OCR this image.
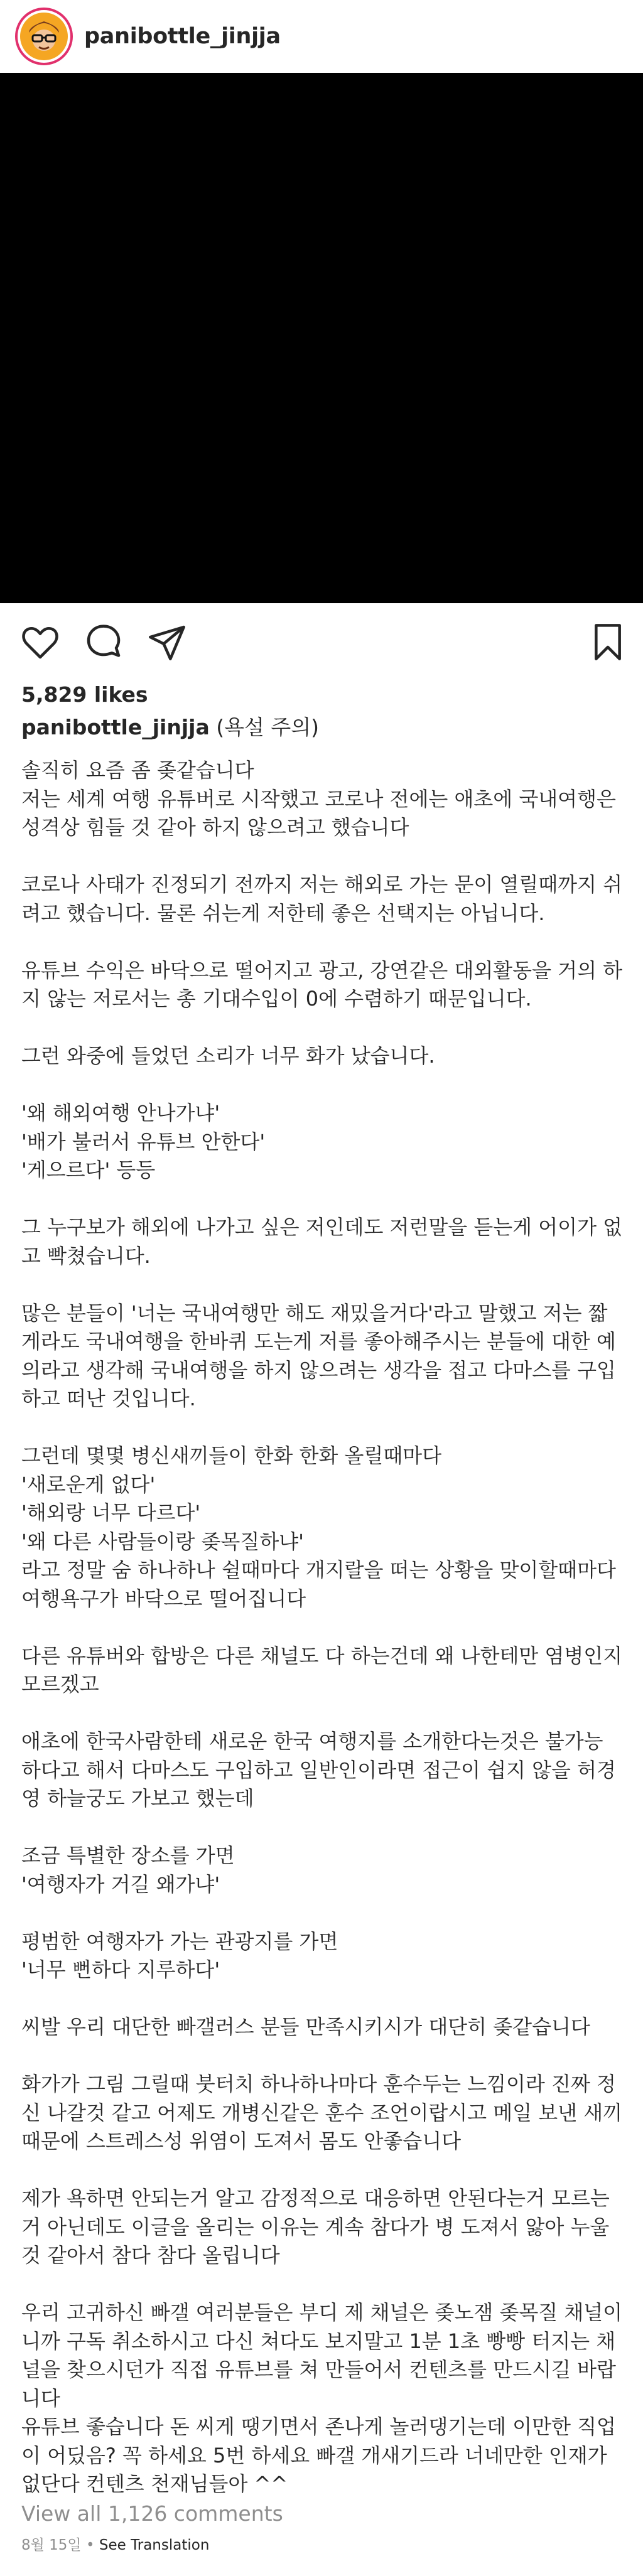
panibottle_jinjja
5,829 likes
panibottle_jinjja (욕설 주의)
솔직히 요즘 좀 좆같습니다
저는 세계 여행 유튜버로 시작했고 코로나 전에는 애초에 국내여행은
성격상 힘들 것 같아 하지 않으려고 했습니다
코로나 사태가 진정되기 전까지 저는 해외로 가는 문이 열릴때까지 쉬
려고 했습니다. 물론 쉬는게 저한테 좋은 선택지는 아닙니다.
유튜브 수익은 바닥으로 떨어지고 광고, 강연같은 대외활동을 거의 하
지 않는 저로서는 총 기대수입이 0에 수렴하기 때문입니다.
그런 와중에 들었던 소리가 너무 화가 났습니다.
'왜 해외여행 안나가냐'
'배가 불러서 유튜브 안한다'
'게으르다' 등등
그 누구보가 해외에 나가고 싶은 저인데도 저런말을 듣는게 어이가 없
고 빡쳤습니다.
많은 분들이 '너는 국내여행만 해도 재밌을거다'라고 말했고 저는 짧
게라도 국내여행을 한바퀴 도는게 저를 좋아해주시는 분들에 대한 예
의라고 생각해 국내여행을 하지 않으려는 생각을 접고 다마스를 구입
하고 떠난 것입니다.
그런데 몇몇 병신새끼들이 한화 한화 올릴때마다
'새로운게 없다'
'해외랑 너무 다르다'
'왜 다른 사람들이랑 좆목질하냐'
라고 정말 숨 하나하나 쉴때마다 개지랄을 떠는 상황을 맞이할때마다
여행욕구가 바닥으로 떨어집니다
다른 유튜버와 합방은 다른 채널도 다 하는건데 왜 나한테만 염병인지
모르겠고
애초에 한국사람한테 새로운 한국 여행지를 소개한다는것은 불가능
하다고 해서 다마스도 구입하고 일반인이라면 접근이 쉽지 않을 허경
영 하늘궁도 가보고 했는데
조금 특별한 장소를 가면
'여행자가 거길 왜가냐'
평범한 여행자가 가는 관광지를 가면
'너무 뻔하다 지루하다'
씨발 우리 대단한 빠갤러스 분들 만족시키시가 대단히 좆같습니다
화가가 그림 그릴때 붓터치 하나하나마다 훈수두는 느낌이라 진짜 정
신 나갈것 같고 어제도 개병신같은 훈수 조언이랍시고 메일 보낸 새끼
때문에 스트레스성 위염이 도져서 몸도 안좋습니다
제가 욕하면 안되는거 알고 감정적으로 대응하면 안된다는거 모르는
거 아닌데도 이글을 올리는 이유는 계속 참다가 병 도져서 앓아 누울
것 같아서 참다 참다 올립니다
우리 고귀하신 빠갤 여러분들은 부디 제 채널은 좆노잼 좆목질 채널이
니까 구독 취소하시고 다신 쳐다도 보지말고 1분 1초 빵빵 터지는 채
널을 찾으시던가 직접 유튜브를 쳐 만들어서 컨텐츠를 만드시길 바랍
니다
유튜브 좋습니다 돈 씨게 땡기면서 존나게 놀러댕기는데 이만한 직업
이 어딨음? 꼭 하세요 5번 하세요 빠갤 개새기드라 너네만한 인재가
없단다 컨텐츠 천재님들아 ^^
View all 1,126 comments
8월 15일 • See Translation
